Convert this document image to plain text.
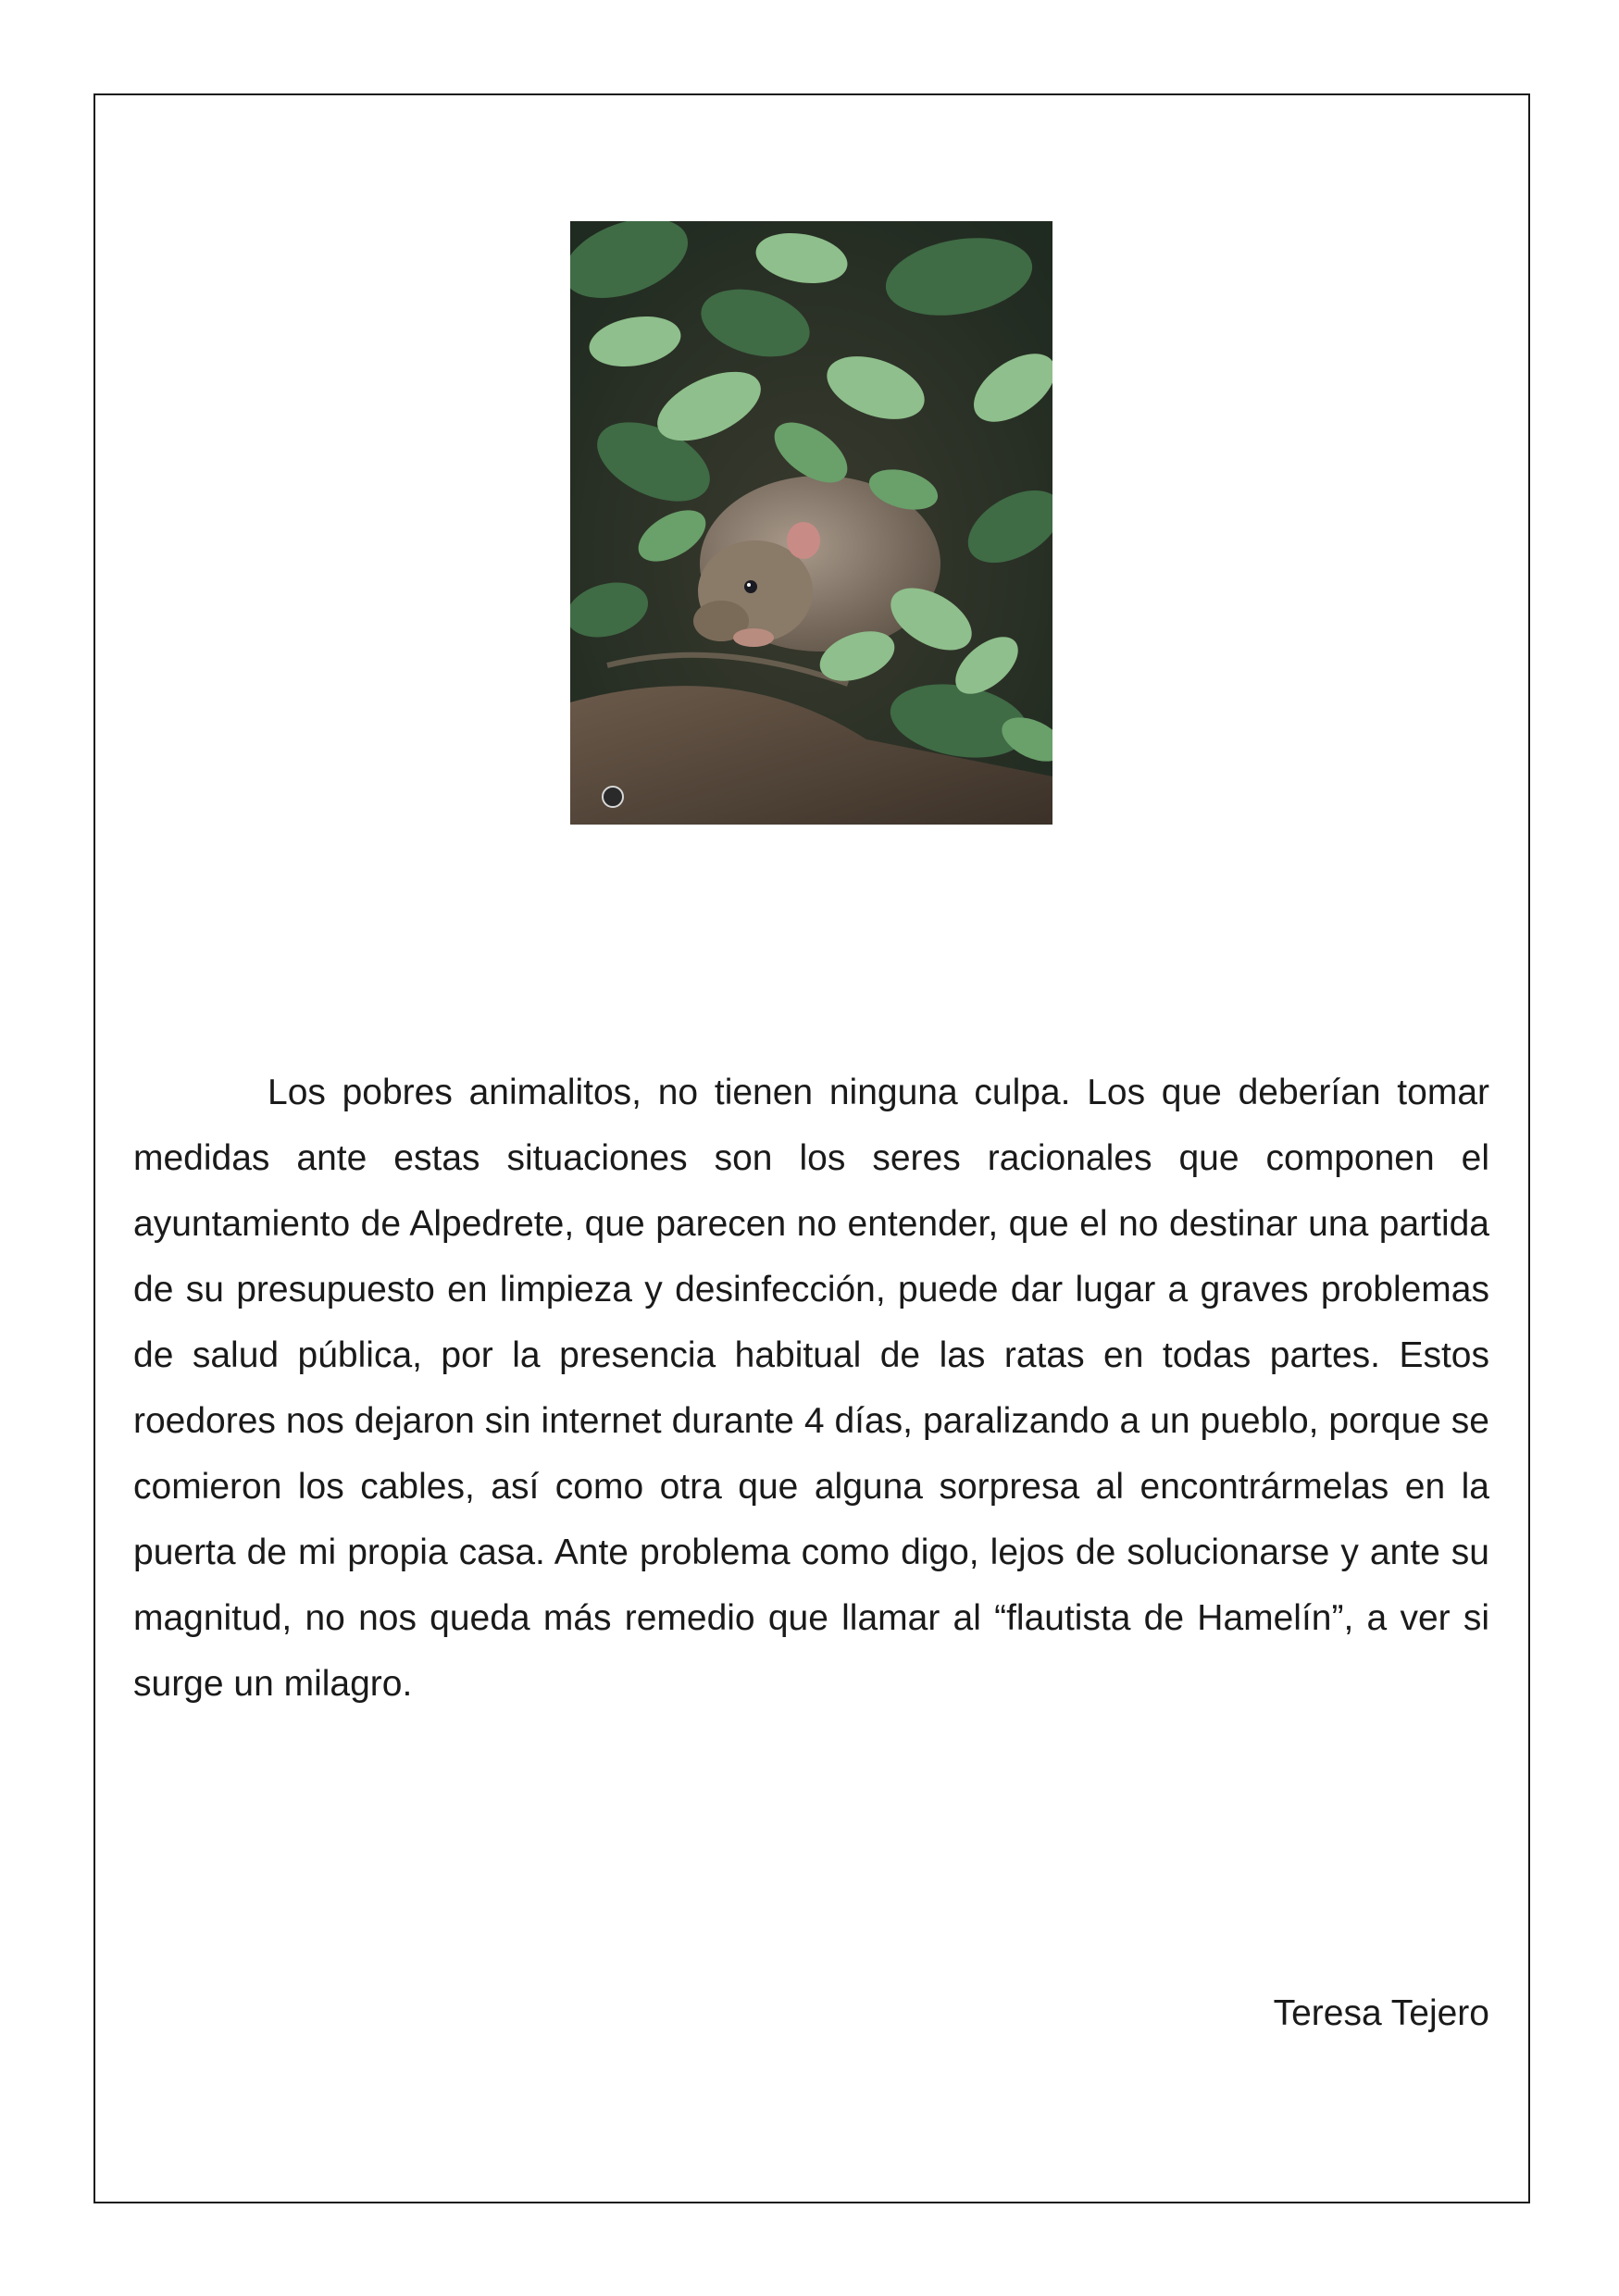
Los pobres animalitos, no tienen ninguna culpa. Los que deberían tomar medidas ante estas situaciones son los seres racionales que componen el ayuntamiento de Alpedrete, que parecen no entender, que el no destinar una partida de su presupuesto en limpieza y desinfección, puede dar lugar a graves problemas de salud pública, por la presencia habitual de las ratas en todas partes. Estos roedores nos dejaron sin internet durante 4 días, paralizando a un pueblo, porque se comieron los cables, así como otra que alguna sorpresa al encontrármelas en la puerta de mi propia casa. Ante problema como digo, lejos de solucionarse y ante su magnitud, no nos queda más remedio que llamar al “flautista de Hamelín”, a ver si surge un milagro.

Teresa Tejero
